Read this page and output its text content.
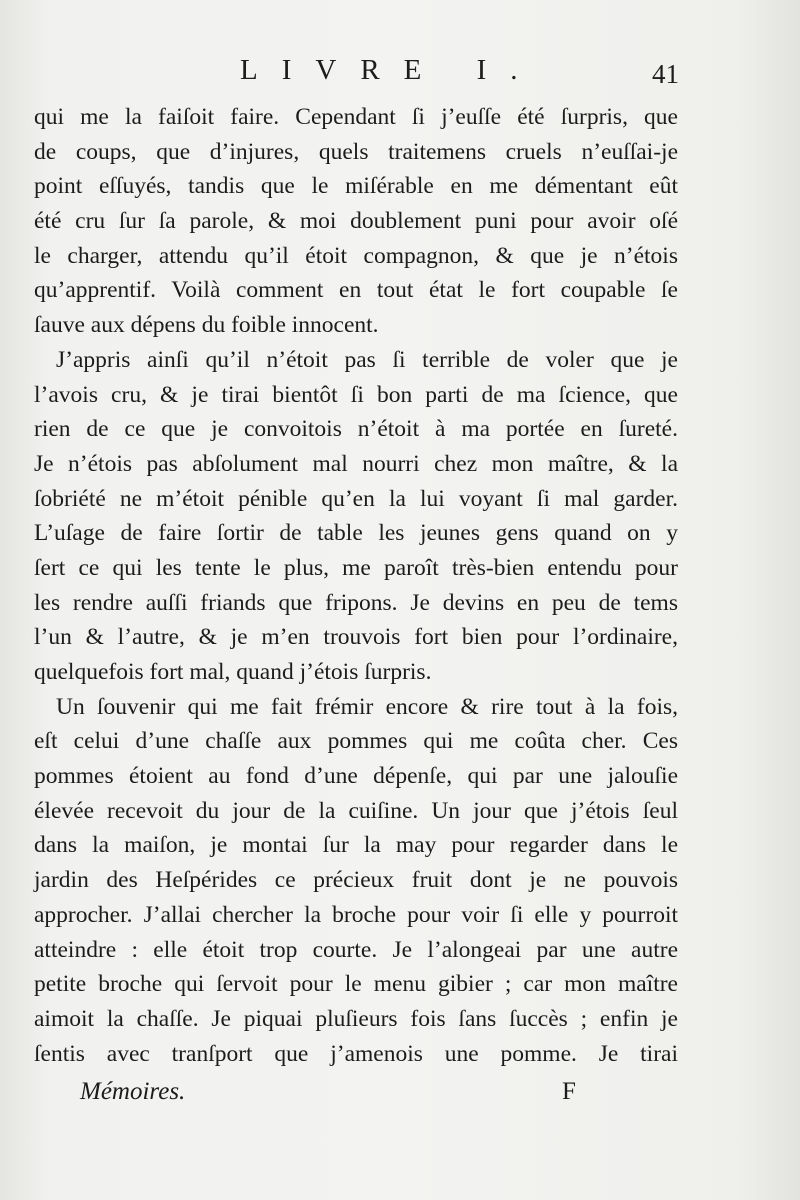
LIVRE I.	41
qui me la faiſoit faire. Cependant ſi j’euſſe été ſurpris, que
de coups, que d’injures, quels traitemens cruels n’euſſai-je
point eſſuyés, tandis que le miſérable en me démentant eût
été cru ſur ſa parole, & moi doublement puni pour avoir oſé
le charger, attendu qu’il étoit compagnon, & que je n’étois
qu’apprentif. Voilà comment en tout état le fort coupable ſe
ſauve aux dépens du foible innocent.
J’appris ainſi qu’il n’étoit pas ſi terrible de voler que je
l’avois cru, & je tirai bientôt ſi bon parti de ma ſcience, que
rien de ce que je convoitois n’étoit à ma portée en ſureté.
Je n’étois pas abſolument mal nourri chez mon maître, & la
ſobriété ne m’étoit pénible qu’en la lui voyant ſi mal garder.
L’uſage de faire ſortir de table les jeunes gens quand on y
ſert ce qui les tente le plus, me paroît très-bien entendu pour
les rendre auſſi friands que fripons. Je devins en peu de tems
l’un & l’autre, & je m’en trouvois fort bien pour l’ordinaire,
quelquefois fort mal, quand j’étois ſurpris.
Un ſouvenir qui me fait frémir encore & rire tout à la fois,
eſt celui d’une chaſſe aux pommes qui me coûta cher. Ces
pommes étoient au fond d’une dépenſe, qui par une jalouſie
élevée recevoit du jour de la cuiſine. Un jour que j’étois ſeul
dans la maiſon, je montai ſur la may pour regarder dans le
jardin des Heſpérides ce précieux fruit dont je ne pouvois
approcher. J’allai chercher la broche pour voir ſi elle y pourroit
atteindre : elle étoit trop courte. Je l’alongeai par une autre
petite broche qui ſervoit pour le menu gibier ; car mon maître
aimoit la chaſſe. Je piquai pluſieurs fois ſans ſuccès ; enfin je
ſentis avec tranſport que j’amenois une pomme. Je tirai
Mémoires.	F
